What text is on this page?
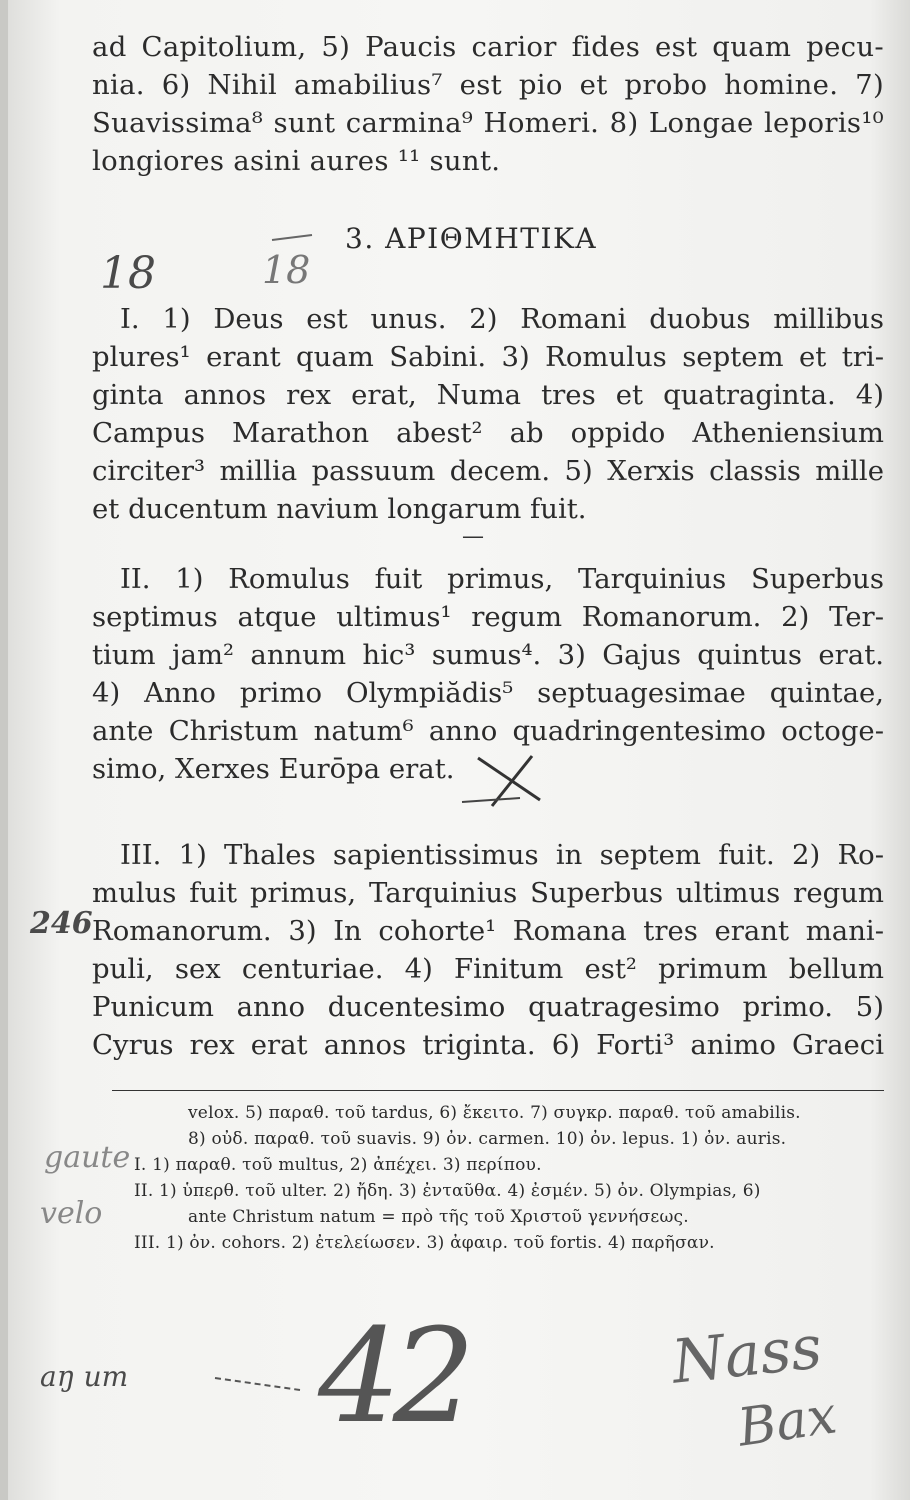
ad Capitolium, 5) Paucis carior fides est quam pecu-
nia. 6) Nihil amabilius⁷ est pio et probo homine. 7)
Suavissima⁸ sunt carmina⁹ Homeri. 8) Longae leporis¹⁰
longiores asini aures ¹¹ sunt.
3. ΑΡΙΘΜΗΤΙΚΑ
I. 1) Deus est unus. 2) Romani duobus millibus
plures¹ erant quam Sabini. 3) Romulus septem et tri-
ginta annos rex erat, Numa tres et quatraginta. 4)
Campus Marathon abest² ab oppido Atheniensium
circiter³ millia passuum decem. 5) Xerxis classis mille
et ducentum navium longarum fuit.
—
II. 1) Romulus fuit primus, Tarquinius Superbus
septimus atque ultimus¹ regum Romanorum. 2) Ter-
tium jam² annum hic³ sumus⁴. 3) Gajus quintus erat.
4) Anno primo Olympiădis⁵ septuagesimae quintae,
ante Christum natum⁶ anno quadringentesimo octoge-
simo, Xerxes Eurōpa erat.
III. 1) Thales sapientissimus in septem fuit. 2) Ro-
mulus fuit primus, Tarquinius Superbus ultimus regum
Romanorum. 3) In cohorte¹ Romana tres erant mani-
puli, sex centuriae. 4) Finitum est² primum bellum
Punicum anno ducentesimo quatragesimo primo. 5)
Cyrus rex erat annos triginta. 6) Forti³ animo Graeci
velox. 5) παραθ. τοῦ tardus, 6) ἔκειτο. 7) συγκρ. παραθ. τοῦ amabilis.
8) οὐδ. παραθ. τοῦ suavis. 9) ὀν. carmen. 10) ὀν. lepus. 1) ὀν. auris.
I. 1) παραθ. τοῦ multus, 2) ἀπέχει. 3) περίπου.
II. 1) ὑπερθ. τοῦ ulter. 2) ἤδη. 3) ἐνταῦθα. 4) ἐσμέν. 5) ὀν. Olympias, 6)
ante Christum natum = πρὸ τῆς τοῦ Χριστοῦ γεννήσεως.
III. 1) ὀν. cohors. 2) ἐτελείωσεν. 3) ἀφαιρ. τοῦ fortis. 4) παρῆσαν.
18	18
246
gaute
velo
aŋ um 42	Nass
Bax
